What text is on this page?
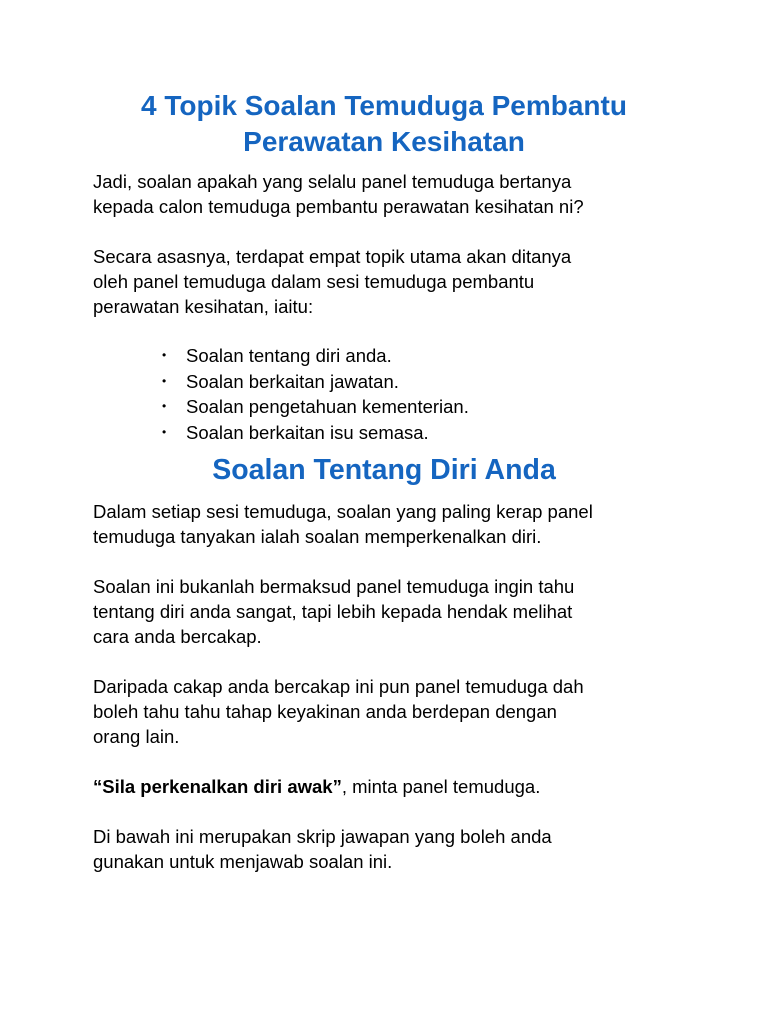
4 Topik Soalan Temuduga Pembantu
Perawatan Kesihatan

Jadi, soalan apakah yang selalu panel temuduga bertanya
kepada calon temuduga pembantu perawatan kesihatan ni?

Secara asasnya, terdapat empat topik utama akan ditanya
oleh panel temuduga dalam sesi temuduga pembantu
perawatan kesihatan, iaitu:

• Soalan tentang diri anda.
• Soalan berkaitan jawatan.
• Soalan pengetahuan kementerian.
• Soalan berkaitan isu semasa.
Soalan Tentang Diri Anda

Dalam setiap sesi temuduga, soalan yang paling kerap panel
temuduga tanyakan ialah soalan memperkenalkan diri.

Soalan ini bukanlah bermaksud panel temuduga ingin tahu
tentang diri anda sangat, tapi lebih kepada hendak melihat
cara anda bercakap.

Daripada cakap anda bercakap ini pun panel temuduga dah
boleh tahu tahu tahap keyakinan anda berdepan dengan
orang lain.

“Sila perkenalkan diri awak”, minta panel temuduga.

Di bawah ini merupakan skrip jawapan yang boleh anda
gunakan untuk menjawab soalan ini.
